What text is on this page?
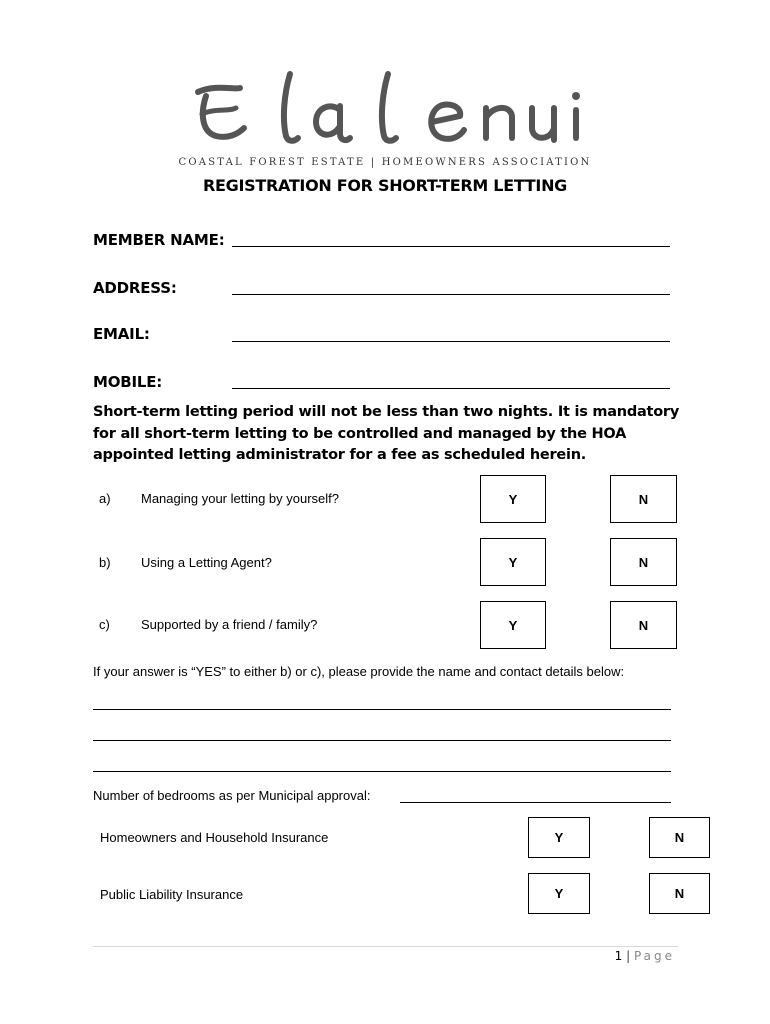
COASTAL FOREST ESTATE | HOMEOWNERS ASSOCIATION
REGISTRATION FOR SHORT-TERM LETTING
MEMBER NAME:
ADDRESS:
EMAIL:
MOBILE:
Short-term letting period will not be less than two nights. It is mandatory for all short-term letting to be controlled and managed by the HOA appointed letting administrator for a fee as scheduled herein.
a) Managing your letting by yourself?	Y	N
b) Using a Letting Agent?	Y	N
c) Supported by a friend / family?	Y	N
If your answer is “YES” to either b) or c), please provide the name and contact details below:
Number of bedrooms as per Municipal approval:
Homeowners and Household Insurance	Y	N
Public Liability Insurance	Y	N
1 | Page
